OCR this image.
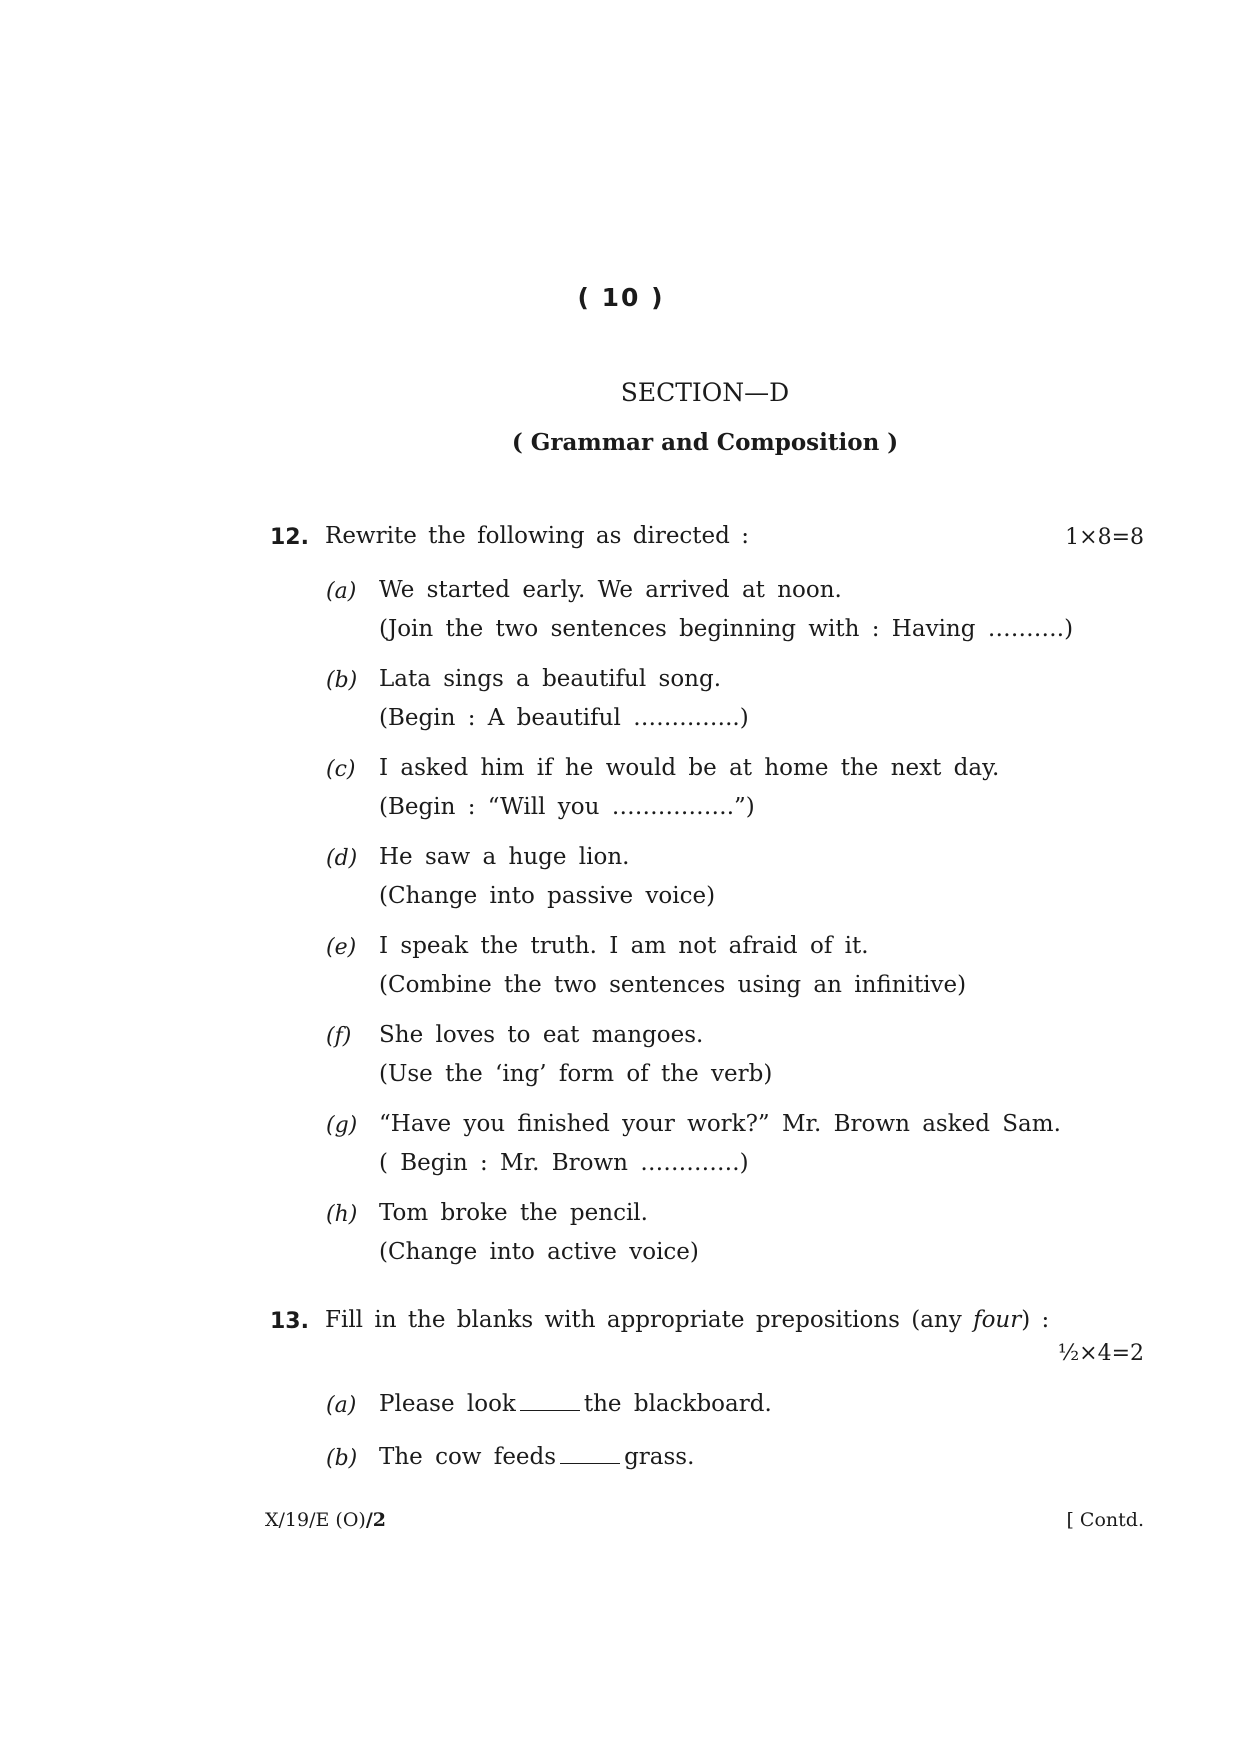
( 10 )
SECTION—D
( Grammar and Composition )
12. Rewrite the following as directed :	1×8=8
(a) We started early. We arrived at noon.
(Join the two sentences beginning with : Having ……….)
(b) Lata sings a beautiful song.
(Begin : A beautiful …………..)
(c) I asked him if he would be at home the next day.
(Begin : “Will you …………….”)
(d) He saw a huge lion.
(Change into passive voice)
(e) I speak the truth. I am not afraid of it.
(Combine the two sentences using an infinitive)
(f) She loves to eat mangoes.
(Use the ‘ing’ form of the verb)
(g) “Have you finished your work?” Mr. Brown asked Sam.
( Begin : Mr. Brown ………….)
(h) Tom broke the pencil.
(Change into active voice)
13. Fill in the blanks with appropriate prepositions (any four) :
½×4=2
(a) Please look	the blackboard.
(b) The cow feeds	grass.
X/19/E (O)/2	[ Contd.
